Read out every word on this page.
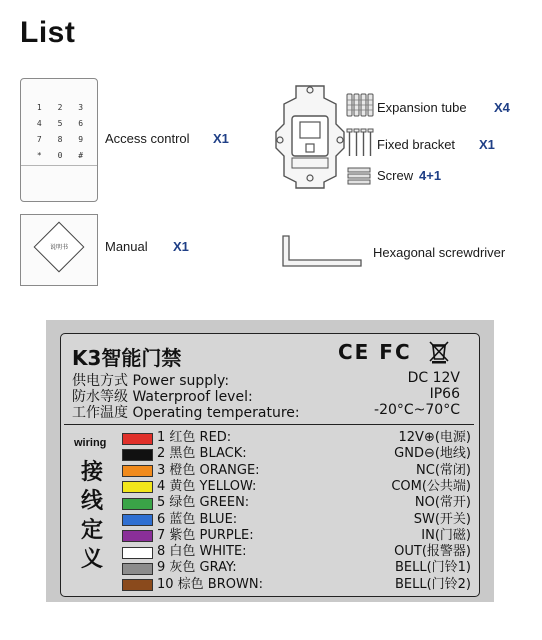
List
1	2	3
4	5	6
7	8	9
*	0	#
Access control X1
说明书	Manual X1
Expansion tube X4
Fixed bracket X1
Screw 4+1
Hexagonal screwdriver
K3智能门禁	CE FC
供电方式 Power supply:	DC 12V
防水等级 Waterproof level:	IP66
工作温度 Operating temperature:	-20°C~70°C
wiring
接
线
定
义
1 红色 RED:	12V⊕(电源)
2 黑色 BLACK:	GND⊖(地线)
3 橙色 ORANGE:	NC(常闭)
4 黄色 YELLOW:	COM(公共端)
5 绿色 GREEN:	NO(常开)
6 蓝色 BLUE:	SW(开关)
7 紫色 PURPLE:	IN(门磁)
8 白色 WHITE:	OUT(报警器)
9 灰色 GRAY:	BELL(门铃1)
10 棕色 BROWN:	BELL(门铃2)
